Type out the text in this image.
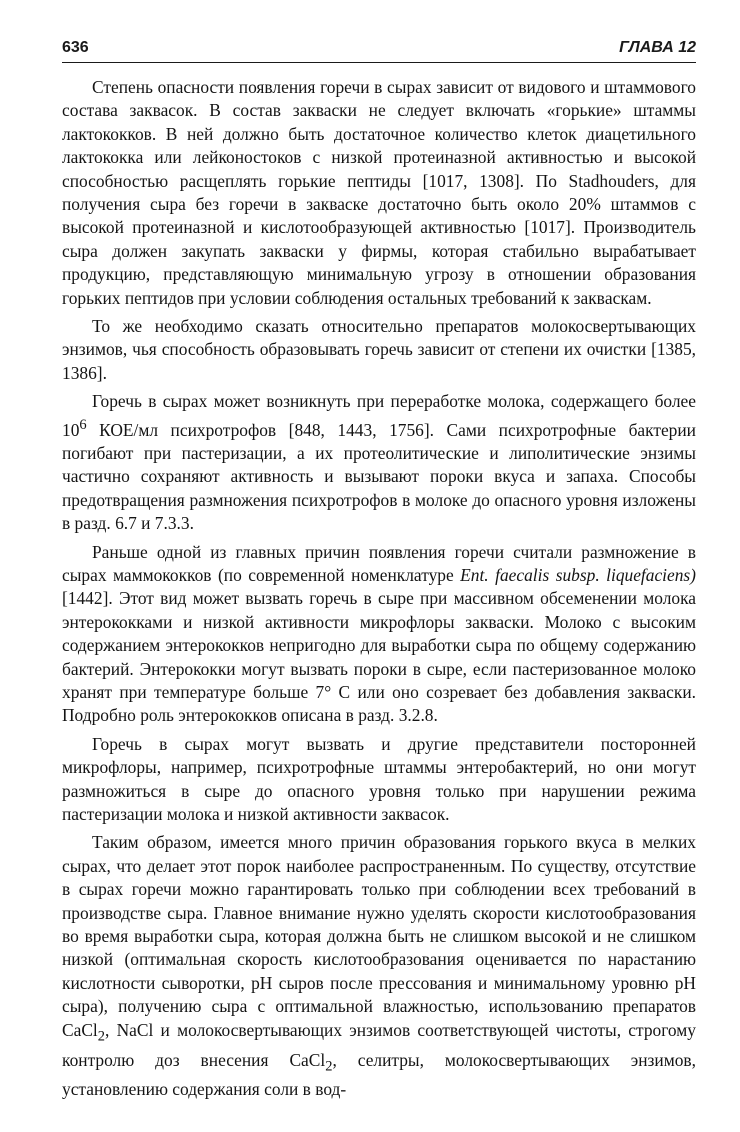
636	ГЛАВА 12

Степень опасности появления горечи в сырах зависит от видового и штаммового состава заквасок. В состав закваски не следует включать «горькие» штаммы лактококков. В ней должно быть достаточное количество клеток диацетильного лактококка или лейконостоков с низкой протеиназной активностью и высокой способностью расщеплять горькие пептиды [1017, 1308]. По Stadhouders, для получения сыра без горечи в закваске достаточно быть около 20% штаммов с высокой протеиназной и кислотообразующей активностью [1017]. Производитель сыра должен закупать закваски у фирмы, которая стабильно вырабатывает продукцию, представляющую минимальную угрозу в отношении образования горьких пептидов при условии соблюдения остальных требований к заквaскам.

То же необходимо сказать относительно препаратов молокосвертывающих энзимов, чья способность образовывать горечь зависит от степени их очистки [1385, 1386].

Горечь в сырах может возникнуть при переработке молока, содержащего более $10^6$ КОЕ/мл психротрофов [848, 1443, 1756]. Сами психротрофные бактерии погибают при пастеризации, а их протеолитические и липолитические энзимы частично сохраняют активность и вызывают пороки вкуса и запаха. Способы предотвращения размножения психротрофов в молоке до опасного уровня изложены в разд. 6.7 и 7.3.3.

Раньше одной из главных причин появления горечи считали размножение в сырах маммококков (по современной номенклатуре Ent. faecalis subsp. liquefaciens) [1442]. Этот вид может вызвать горечь в сыре при массивном обсеменении молока энтерококками и низкой активности микрофлоры закваски. Молоко с высоким содержанием энтерококков непригодно для выработки сыра по общему содержанию бактерий. Энтерококки могут вызвать пороки в сыре, если пастеризованное молоко хранят при температуре больше 7° С или оно созревает без добавления закваски. Подробно роль энтерококков описана в разд. 3.2.8.

Горечь в сырах могут вызвать и другие представители посторонней микрофлоры, например, психротрофные штаммы энтеробактерий, но они могут размножиться в сыре до опасного уровня только при нарушении режима пастеризации молока и низкой активности заквасок.

Таким образом, имеется много причин образования горького вкуса в мелких сырах, что делает этот порок наиболее распространенным. По существу, отсутствие в сырах горечи можно гарантировать только при соблюдении всех требований в производстве сыра. Главное внимание нужно уделять скорости кислотообразования во время выработки сыра, которая должна быть не слишком высокой и не слишком низкой (оптимальная скорость кислотообразования оценивается по нарастанию кислотности сыворотки, pH сыров после прессования и минимальному уровню pH сыра), получению сыра с оптимальной влажностью, использованию препаратов CaCl$_2$, NaCl и молокосвертывающих энзимов соответствующей чистоты, строгому контролю доз внесения CaCl$_2$, селитры, молокосвертывающих энзимов, установлению содержания соли в вод-
